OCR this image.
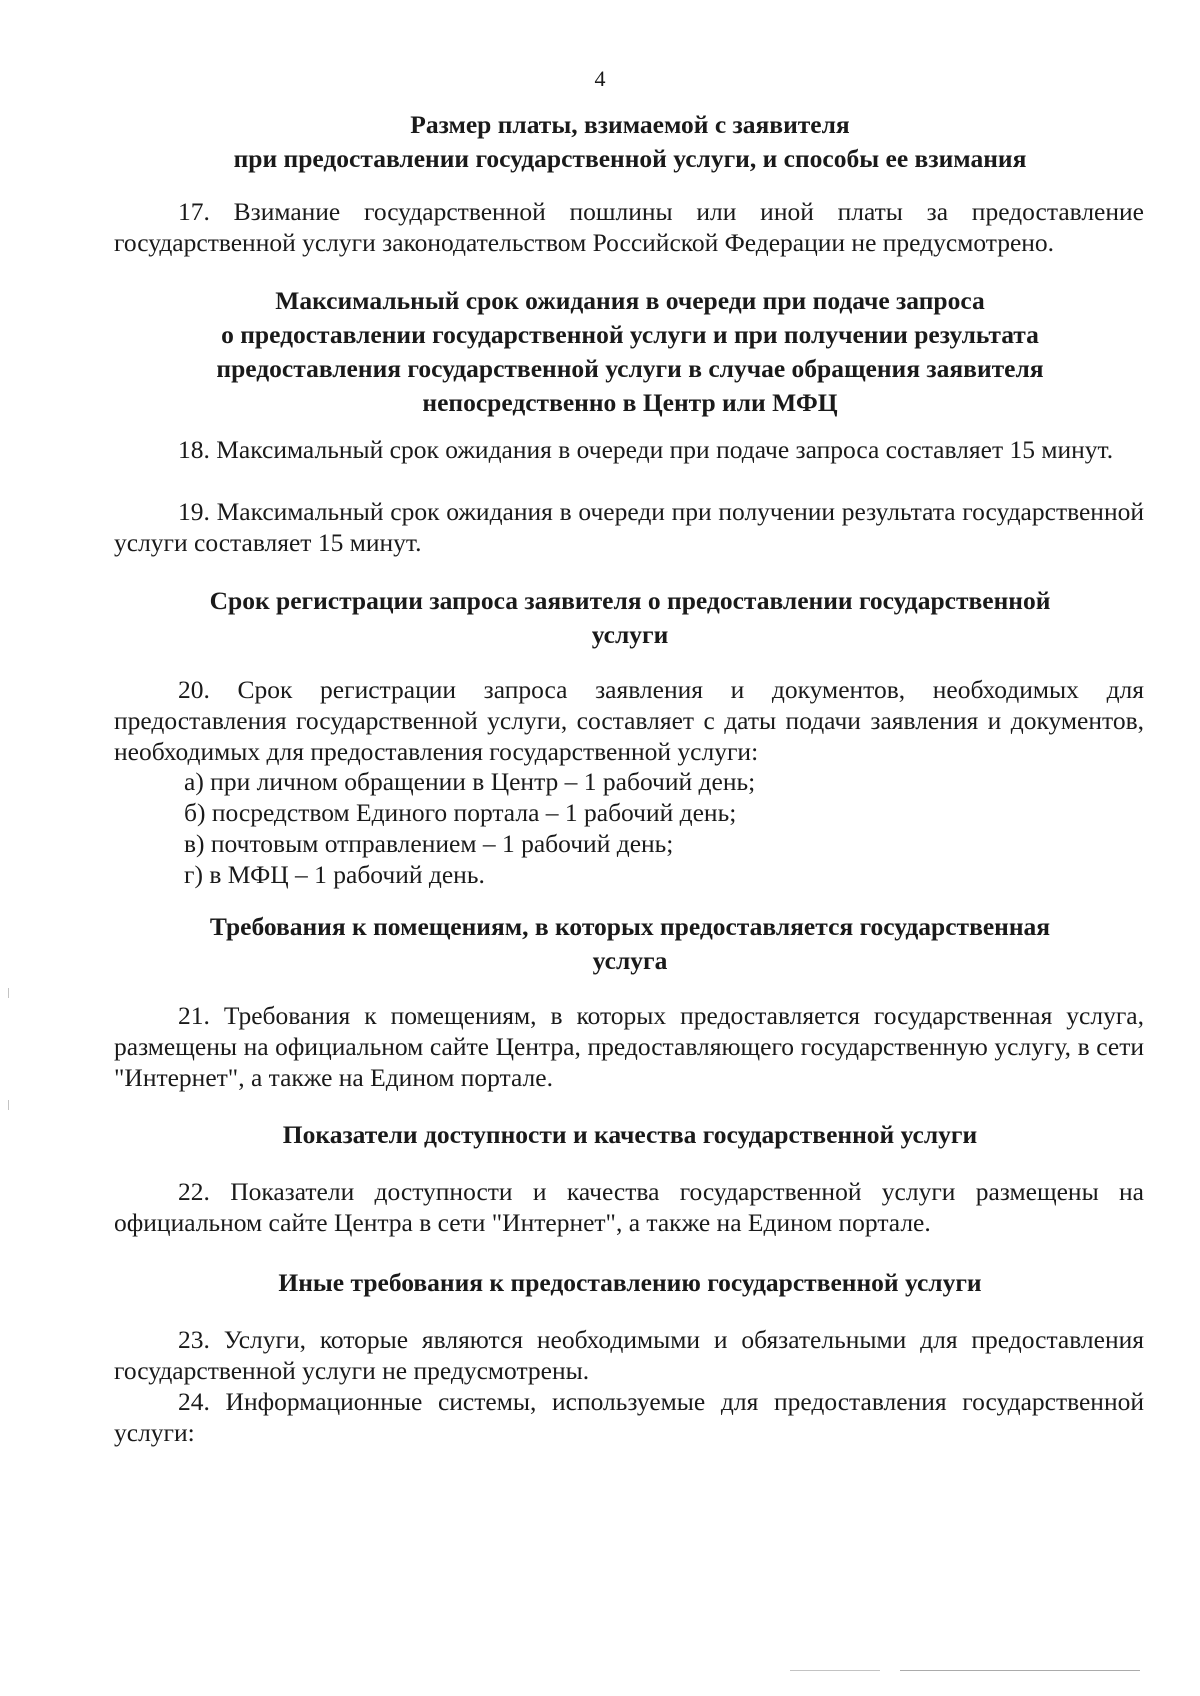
4
Размер платы, взимаемой с заявителя
при предоставлении государственной услуги, и способы ее взимания

17. Взимание государственной пошлины или иной платы за предоставление государственной услуги законодательством Российской Федерации не предусмотрено.

Максимальный срок ожидания в очереди при подаче запроса
о предоставлении государственной услуги и при получении результата
предоставления государственной услуги в случае обращения заявителя
непосредственно в Центр или МФЦ

18. Максимальный срок ожидания в очереди при подаче запроса составляет 15 минут.

19. Максимальный срок ожидания в очереди при получении результата государственной услуги составляет 15 минут.

Срок регистрации запроса заявителя о предоставлении государственной
услуги

20. Срок регистрации запроса заявления и документов, необходимых для предоставления государственной услуги, составляет с даты подачи заявления и документов, необходимых для предоставления государственной услуги:

а) при личном обращении в Центр – 1 рабочий день;

б) посредством Единого портала – 1 рабочий день;

в) почтовым отправлением – 1 рабочий день;

г) в МФЦ – 1 рабочий день.

Требования к помещениям, в которых предоставляется государственная
услуга

21. Требования к помещениям, в которых предоставляется государственная услуга, размещены на официальном сайте Центра, предоставляющего государственную услугу, в сети "Интернет", а также на Едином портале.

Показатели доступности и качества государственной услуги

22. Показатели доступности и качества государственной услуги размещены на официальном сайте Центра в сети "Интернет", а также на Едином портале.

Иные требования к предоставлению государственной услуги

23. Услуги, которые являются необходимыми и обязательными для предоставления государственной услуги не предусмотрены.

24. Информационные системы, используемые для предоставления государственной услуги:
